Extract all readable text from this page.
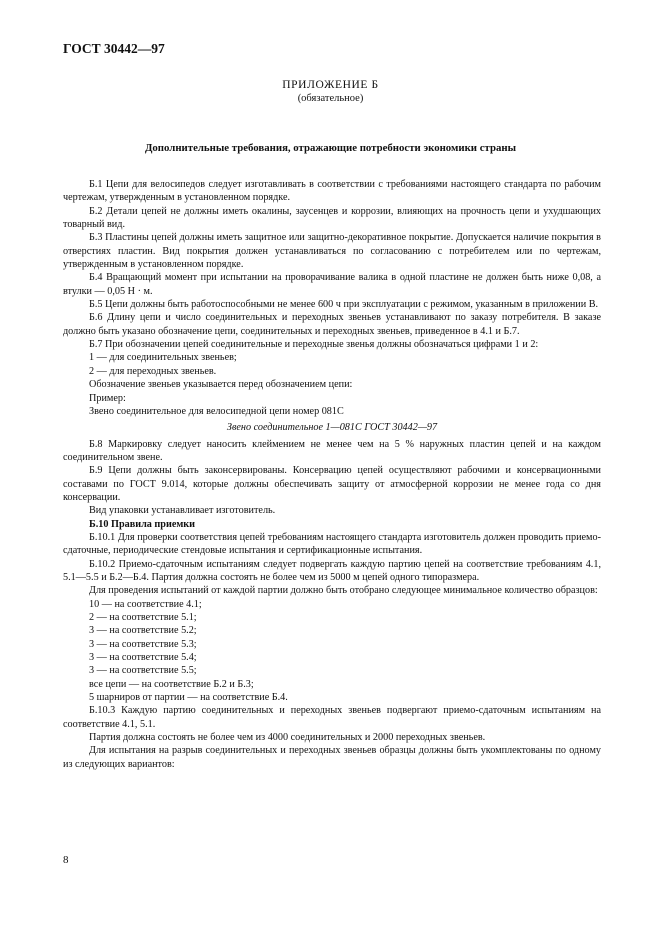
ГОСТ 30442—97
ПРИЛОЖЕНИЕ Б
(обязательное)
Дополнительные требования, отражающие потребности экономики страны

Б.1 Цепи для велосипедов следует изготавливать в соответствии с требованиями настоящего стандарта по рабочим чертежам, утвержденным в установленном порядке.

Б.2 Детали цепей не должны иметь окалины, заусенцев и коррозии, влияющих на прочность цепи и ухудшающих товарный вид.

Б.3 Пластины цепей должны иметь защитное или защитно-декоративное покрытие. Допускается наличие покрытия в отверстиях пластин. Вид покрытия должен устанавливаться по согласованию с потребителем или по чертежам, утвержденным в установленном порядке.

Б.4 Вращающий момент при испытании на проворачивание валика в одной пластине не должен быть ниже 0,08, а втулки — 0,05 Н · м.

Б.5 Цепи должны быть работоспособными не менее 600 ч при эксплуатации с режимом, указанным в приложении В.

Б.6 Длину цепи и число соединительных и переходных звеньев устанавливают по заказу потребителя. В заказе должно быть указано обозначение цепи, соединительных и переходных звеньев, приведенное в 4.1 и Б.7.

Б.7 При обозначении цепей соединительные и переходные звенья должны обозначаться цифрами 1 и 2:

1 — для соединительных звеньев;

2 — для переходных звеньев.

Обозначение звеньев указывается перед обозначением цепи:

Пример:

Звено соединительное для велосипедной цепи номер 081С

Звено соединительное 1—081С ГОСТ 30442—97

Б.8 Маркировку следует наносить клеймением не менее чем на 5 % наружных пластин цепей и на каждом соединительном звене.

Б.9 Цепи должны быть законсервированы. Консервацию цепей осуществляют рабочими и консервационными составами по ГОСТ 9.014, которые должны обеспечивать защиту от атмосферной коррозии не менее года со дня консервации.

Вид упаковки устанавливает изготовитель.

Б.10 Правила приемки

Б.10.1 Для проверки соответствия цепей требованиям настоящего стандарта изготовитель должен проводить приемо-сдаточные, периодические стендовые испытания и сертификационные испытания.

Б.10.2 Приемо-сдаточным испытаниям следует подвергать каждую партию цепей на соответствие требованиям 4.1, 5.1—5.5 и Б.2—Б.4. Партия должна состоять не более чем из 5000 м цепей одного типоразмера.

Для проведения испытаний от каждой партии должно быть отобрано следующее минимальное количество образцов:

10 — на соответствие 4.1;

2 — на соответствие 5.1;

3 — на соответствие 5.2;

3 — на соответствие 5.3;

3 — на соответствие 5.4;

3 — на соответствие 5.5;

все цепи — на соответствие Б.2 и Б.3;

5 шарниров от партии — на соответствие Б.4.

Б.10.3 Каждую партию соединительных и переходных звеньев подвергают приемо-сдаточным испытаниям на соответствие 4.1, 5.1.

Партия должна состоять не более чем из 4000 соединительных и 2000 переходных звеньев.

Для испытания на разрыв соединительных и переходных звеньев образцы должны быть укомплектованы по одному из следующих вариантов:

8
